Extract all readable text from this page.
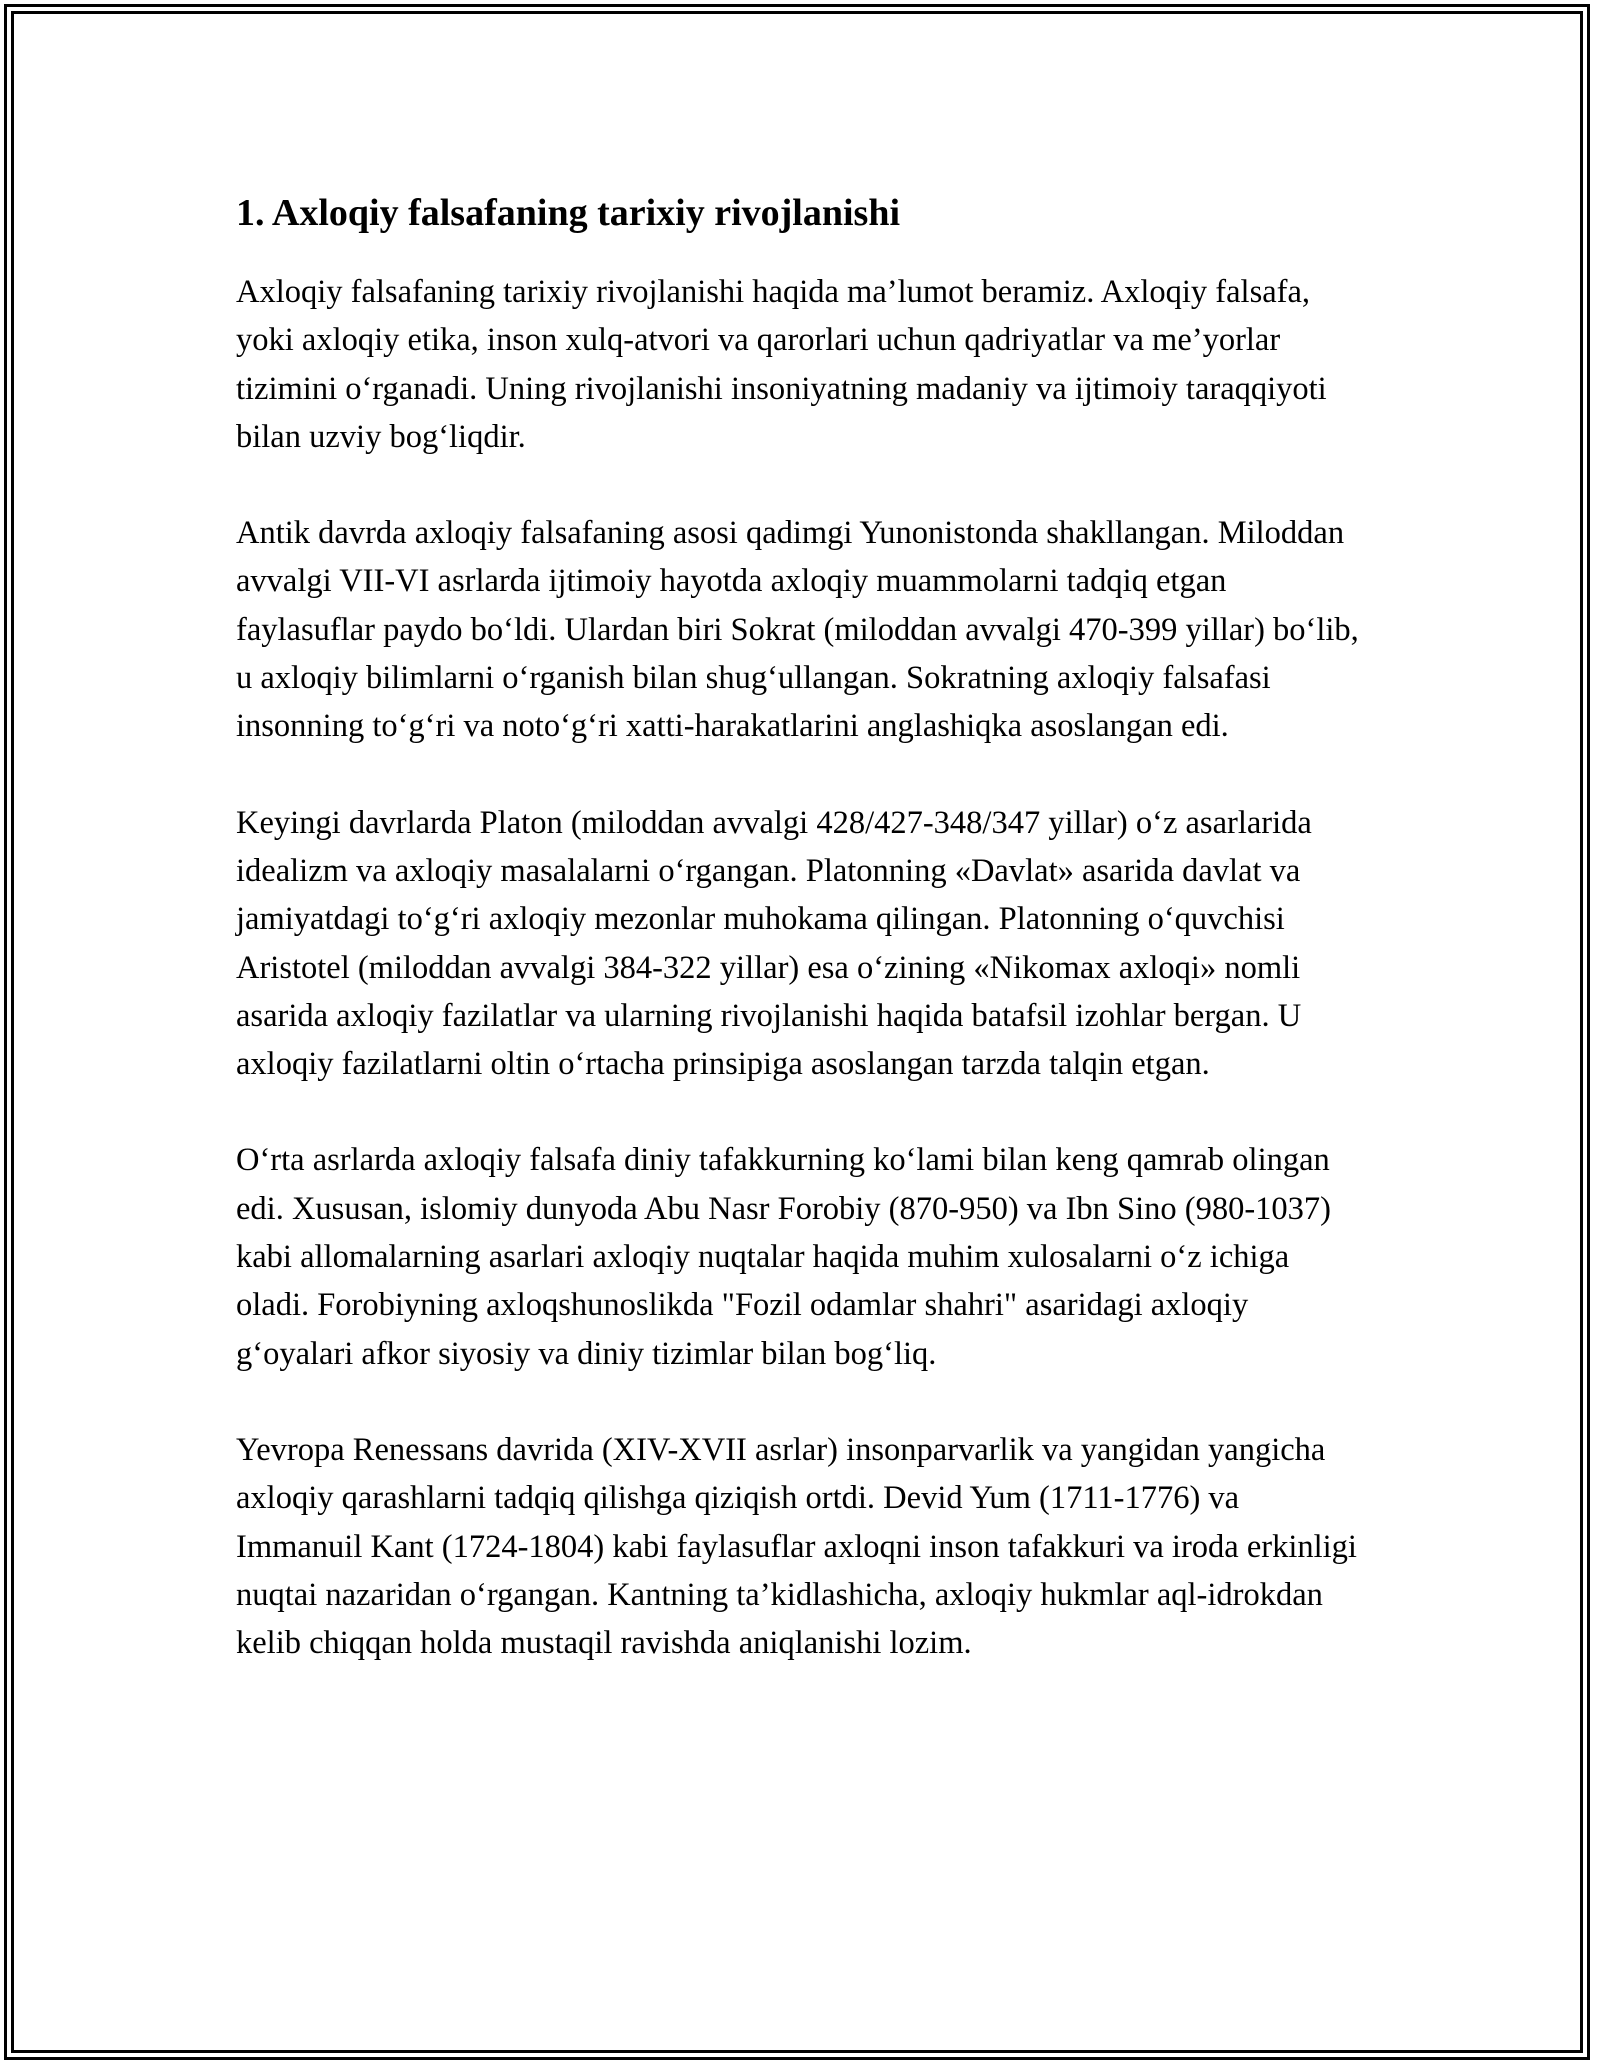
1. Axloqiy falsafaning tarixiy rivojlanishi

Axloqiy falsafaning tarixiy rivojlanishi haqida ma’lumot beramiz. Axloqiy falsafa, yoki axloqiy etika, inson xulq-atvori va qarorlari uchun qadriyatlar va me’yorlar tizimini o‘rganadi. Uning rivojlanishi insoniyatning madaniy va ijtimoiy taraqqiyoti bilan uzviy bog‘liqdir.

Antik davrda axloqiy falsafaning asosi qadimgi Yunonistonda shakllangan. Miloddan avvalgi VII-VI asrlarda ijtimoiy hayotda axloqiy muammolarni tadqiq etgan faylasuflar paydo bo‘ldi. Ulardan biri Sokrat (miloddan avvalgi 470-399 yillar) bo‘lib, u axloqiy bilimlarni o‘rganish bilan shug‘ullangan. Sokratning axloqiy falsafasi insonning to‘g‘ri va noto‘g‘ri xatti-harakatlarini anglashiqka asoslangan edi.

Keyingi davrlarda Platon (miloddan avvalgi 428/427-348/347 yillar) o‘z asarlarida idealizm va axloqiy masalalarni o‘rgangan. Platonning «Davlat» asarida davlat va jamiyatdagi to‘g‘ri axloqiy mezonlar muhokama qilingan. Platonning o‘quvchisi Aristotel (miloddan avvalgi 384-322 yillar) esa o‘zining «Nikomax axloqi» nomli asarida axloqiy fazilatlar va ularning rivojlanishi haqida batafsil izohlar bergan. U axloqiy fazilatlarni oltin o‘rtacha prinsipiga asoslangan tarzda talqin etgan.

O‘rta asrlarda axloqiy falsafa diniy tafakkurning ko‘lami bilan keng qamrab olingan edi. Xususan, islomiy dunyoda Abu Nasr Forobiy (870-950) va Ibn Sino (980-1037) kabi allomalarning asarlari axloqiy nuqtalar haqida muhim xulosalarni o‘z ichiga oladi. Forobiyning axloqshunoslikda "Fozil odamlar shahri" asaridagi axloqiy g‘oyalari afkor siyosiy va diniy tizimlar bilan bog‘liq.

Yevropa Renessans davrida (XIV-XVII asrlar) insonparvarlik va yangidan yangicha axloqiy qarashlarni tadqiq qilishga qiziqish ortdi. Devid Yum (1711-1776) va Immanuil Kant (1724-1804) kabi faylasuflar axloqni inson tafakkuri va iroda erkinligi nuqtai nazaridan o‘rgangan. Kantning ta’kidlashicha, axloqiy hukmlar aql-idrokdan kelib chiqqan holda mustaqil ravishda aniqlanishi lozim.
